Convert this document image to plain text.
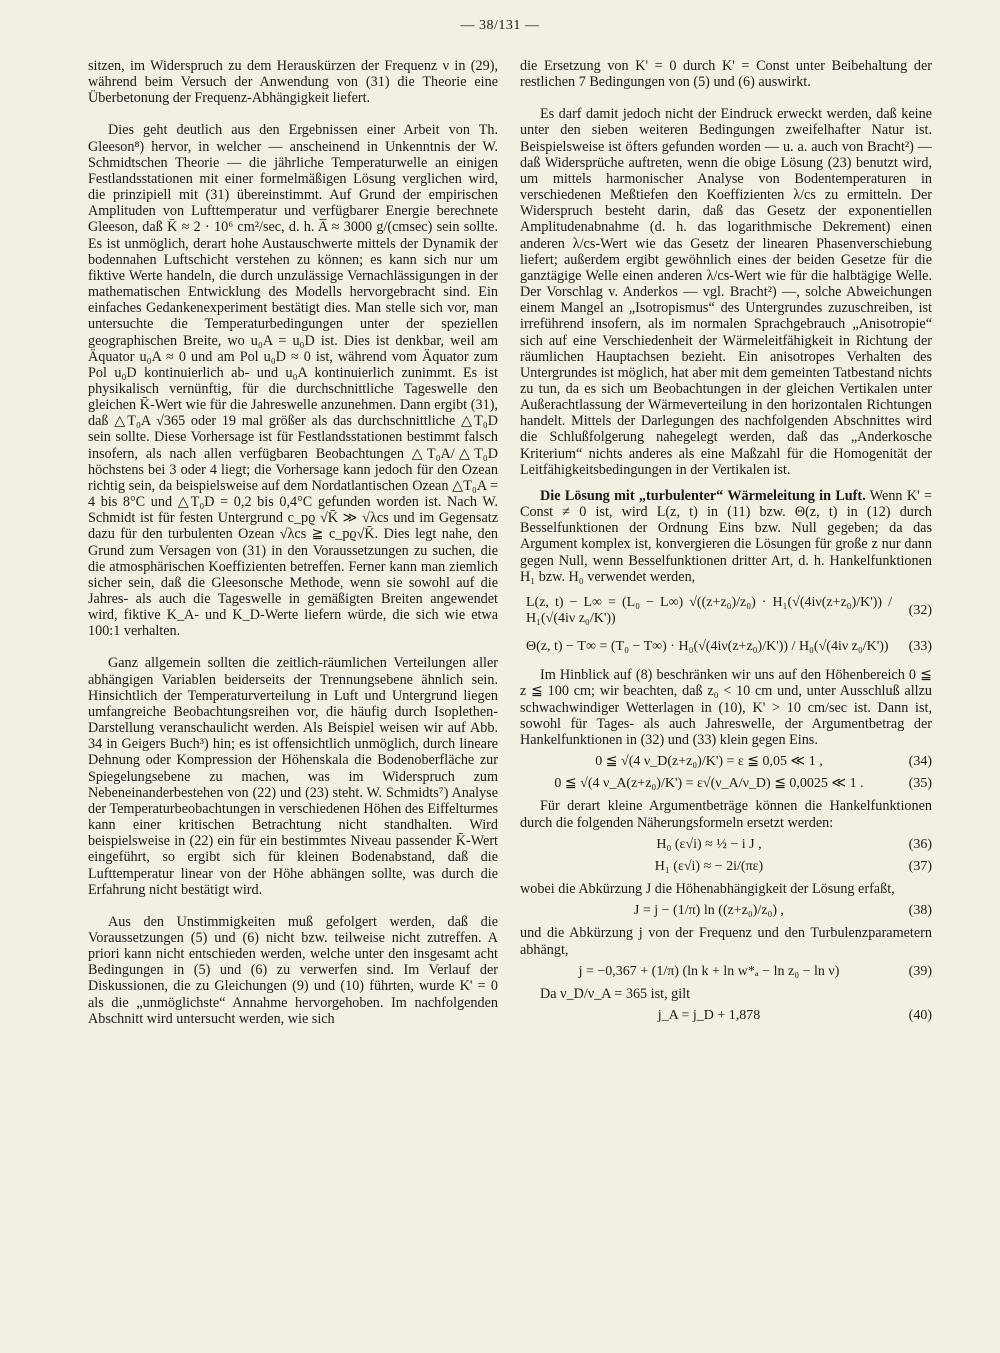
— 38/131 —

sitzen, im Widerspruch zu dem Herauskürzen der Frequenz ν in (29), während beim Versuch der Anwendung von (31) die Theorie eine Überbetonung der Frequenz-Abhängigkeit liefert.

Dies geht deutlich aus den Ergebnissen einer Arbeit von Th. Gleeson⁸) hervor, in welcher — anscheinend in Unkenntnis der W. Schmidtschen Theorie — die jährliche Temperaturwelle an einigen Festlandsstationen mit einer formelmäßigen Lösung verglichen wird, die prinzipiell mit (31) übereinstimmt. Auf Grund der empirischen Amplituden von Lufttemperatur und verfügbarer Energie berechnete Gleeson, daß K̄ ≈ 2 · 10⁶ cm²/sec, d. h. A̅ ≈ 3000 g/(cmsec) sein sollte. Es ist unmöglich, derart hohe Austauschwerte mittels der Dynamik der bodennahen Luftschicht verstehen zu können; es kann sich nur um fiktive Werte handeln, die durch unzulässige Vernachlässigungen in der mathematischen Entwicklung des Modells hervorgebracht sind. Ein einfaches Gedankenexperiment bestätigt dies. Man stelle sich vor, man untersuchte die Temperaturbedingungen unter der speziellen geographischen Breite, wo u₀A = u₀D ist. Dies ist denkbar, weil am Äquator u₀A ≈ 0 und am Pol u₀D ≈ 0 ist, während vom Äquator zum Pol u₀D kontinuierlich ab- und u₀A kontinuierlich zunimmt. Es ist physikalisch vernünftig, für die durchschnittliche Tageswelle den gleichen K̄-Wert wie für die Jahreswelle anzunehmen. Dann ergibt (31), daß △T₀A √365 oder 19 mal größer als das durchschnittliche △T₀D sein sollte. Diese Vorhersage ist für Festlandsstationen bestimmt falsch insofern, als nach allen verfügbaren Beobachtungen △T₀A/△T₀D höchstens bei 3 oder 4 liegt; die Vorhersage kann jedoch für den Ozean richtig sein, da beispielsweise auf dem Nordatlantischen Ozean △T₀A = 4 bis 8°C und △T₀D = 0,2 bis 0,4°C gefunden worden ist. Nach W. Schmidt ist für festen Untergrund c_pϱ √K̄ ≫ √λcs und im Gegensatz dazu für den turbulenten Ozean √λcs ≧ c_pϱ√K̄. Dies legt nahe, den Grund zum Versagen von (31) in den Voraussetzungen zu suchen, die die atmosphärischen Koeffizienten betreffen. Ferner kann man ziemlich sicher sein, daß die Gleesonsche Methode, wenn sie sowohl auf die Jahres- als auch die Tageswelle in gemäßigten Breiten angewendet wird, fiktive K_A- und K_D-Werte liefern würde, die sich wie etwa 100:1 verhalten.

Ganz allgemein sollten die zeitlich-räumlichen Verteilungen aller abhängigen Variablen beiderseits der Trennungsebene ähnlich sein. Hinsichtlich der Temperaturverteilung in Luft und Untergrund liegen umfangreiche Beobachtungsreihen vor, die häufig durch Isoplethen-Darstellung veranschaulicht werden. Als Beispiel weisen wir auf Abb. 34 in Geigers Buch³) hin; es ist offensichtlich unmöglich, durch lineare Dehnung oder Kompression der Höhenskala die Bodenoberfläche zur Spiegelungsebene zu machen, was im Widerspruch zum Nebeneinanderbestehen von (22) und (23) steht. W. Schmidts⁷) Analyse der Temperaturbeobachtungen in verschiedenen Höhen des Eiffelturmes kann einer kritischen Betrachtung nicht standhalten. Wird beispielsweise in (22) ein für ein bestimmtes Niveau passender K̄-Wert eingeführt, so ergibt sich für kleinen Bodenabstand, daß die Lufttemperatur linear von der Höhe abhängen sollte, was durch die Erfahrung nicht bestätigt wird.

Aus den Unstimmigkeiten muß gefolgert werden, daß die Voraussetzungen (5) und (6) nicht bzw. teilweise nicht zutreffen. A priori kann nicht entschieden werden, welche unter den insgesamt acht Bedingungen in (5) und (6) zu verwerfen sind. Im Verlauf der Diskussionen, die zu Gleichungen (9) und (10) führten, wurde K' = 0 als die „unmöglichste“ Annahme hervorgehoben. Im nachfolgenden Abschnitt wird untersucht werden, wie sich

die Ersetzung von K' = 0 durch K' = Const unter Beibehaltung der restlichen 7 Bedingungen von (5) und (6) auswirkt.

Es darf damit jedoch nicht der Eindruck erweckt werden, daß keine unter den sieben weiteren Bedingungen zweifelhafter Natur ist. Beispielsweise ist öfters gefunden worden — u. a. auch von Bracht²) — daß Widersprüche auftreten, wenn die obige Lösung (23) benutzt wird, um mittels harmonischer Analyse von Bodentemperaturen in verschiedenen Meßtiefen den Koeffizienten λ/cs zu ermitteln. Der Widerspruch besteht darin, daß das Gesetz der exponentiellen Amplitudenabnahme (d. h. das logarithmische Dekrement) einen anderen λ/cs-Wert wie das Gesetz der linearen Phasenverschiebung liefert; außerdem ergibt gewöhnlich eines der beiden Gesetze für die ganztägige Welle einen anderen λ/cs-Wert wie für die halbtägige Welle. Der Vorschlag v. Anderkos — vgl. Bracht²) —, solche Abweichungen einem Mangel an „Isotropismus“ des Untergrundes zuzuschreiben, ist irreführend insofern, als im normalen Sprachgebrauch „Anisotropie“ sich auf eine Verschiedenheit der Wärmeleitfähigkeit in Richtung der räumlichen Hauptachsen bezieht. Ein anisotropes Verhalten des Untergrundes ist möglich, hat aber mit dem gemeinten Tatbestand nichts zu tun, da es sich um Beobachtungen in der gleichen Vertikalen unter Außerachtlassung der Wärmeverteilung in den horizontalen Richtungen handelt. Mittels der Darlegungen des nachfolgenden Abschnittes wird die Schlußfolgerung nahegelegt werden, daß das „Anderkosche Kriterium“ nichts anderes als eine Maßzahl für die Homogenität der Leitfähigkeitsbedingungen in der Vertikalen ist.

Die Lösung mit „turbulenter“ Wärmeleitung in Luft. Wenn K' = Const ≠ 0 ist, wird L(z, t) in (11) bzw. Θ(z, t) in (12) durch Besselfunktionen der Ordnung Eins bzw. Null gegeben; da das Argument komplex ist, konvergieren die Lösungen für große z nur dann gegen Null, wenn Besselfunktionen dritter Art, d. h. Hankelfunktionen H₁ bzw. H₀ verwendet werden,

L(z, t) − L∞ = (L₀ − L∞) √((z+z₀)/z₀) · H₁(√(4iν(z+z₀)/K')) / H₁(√(4iν z₀/K'))
(32)
Θ(z, t) − T∞ = (T₀ − T∞) · H₀(√(4iν(z+z₀)/K')) / H₀(√(4iν z₀/K'))	(33)

Im Hinblick auf (8) beschränken wir uns auf den Höhenbereich 0 ≦ z ≦ 100 cm; wir beachten, daß z₀ < 10 cm und, unter Ausschluß allzu schwachwindiger Wetterlagen in (10), K' > 10 cm/sec ist. Dann ist, sowohl für Tages- als auch Jahreswelle, der Argumentbetrag der Hankelfunktionen in (32) und (33) klein gegen Eins.

0 ≦ √(4 ν_D(z+z₀)/K') = ε ≦ 0,05 ≪ 1 ,	(34)
0 ≦ √(4 ν_A(z+z₀)/K') = ε√(ν_A/ν_D) ≦ 0,0025 ≪ 1 .	(35)

Für derart kleine Argumentbeträge können die Hankelfunktionen durch die folgenden Näherungsformeln ersetzt werden:

H₀ (ε√i) ≈ ½ − i J ,	(36)
H₁ (ε√i) ≈ − 2i/(πε)	(37)

wobei die Abkürzung J die Höhenabhängigkeit der Lösung erfaßt,

J = j − (1/π) ln ((z+z₀)/z₀) ,	(38)

und die Abkürzung j von der Frequenz und den Turbulenzparametern abhängt,

j = −0,367 + (1/π) (ln k + ln w*ₐ − ln z₀ − ln ν)	(39)

Da ν_D/ν_A = 365 ist, gilt

j_A = j_D + 1,878	(40)
